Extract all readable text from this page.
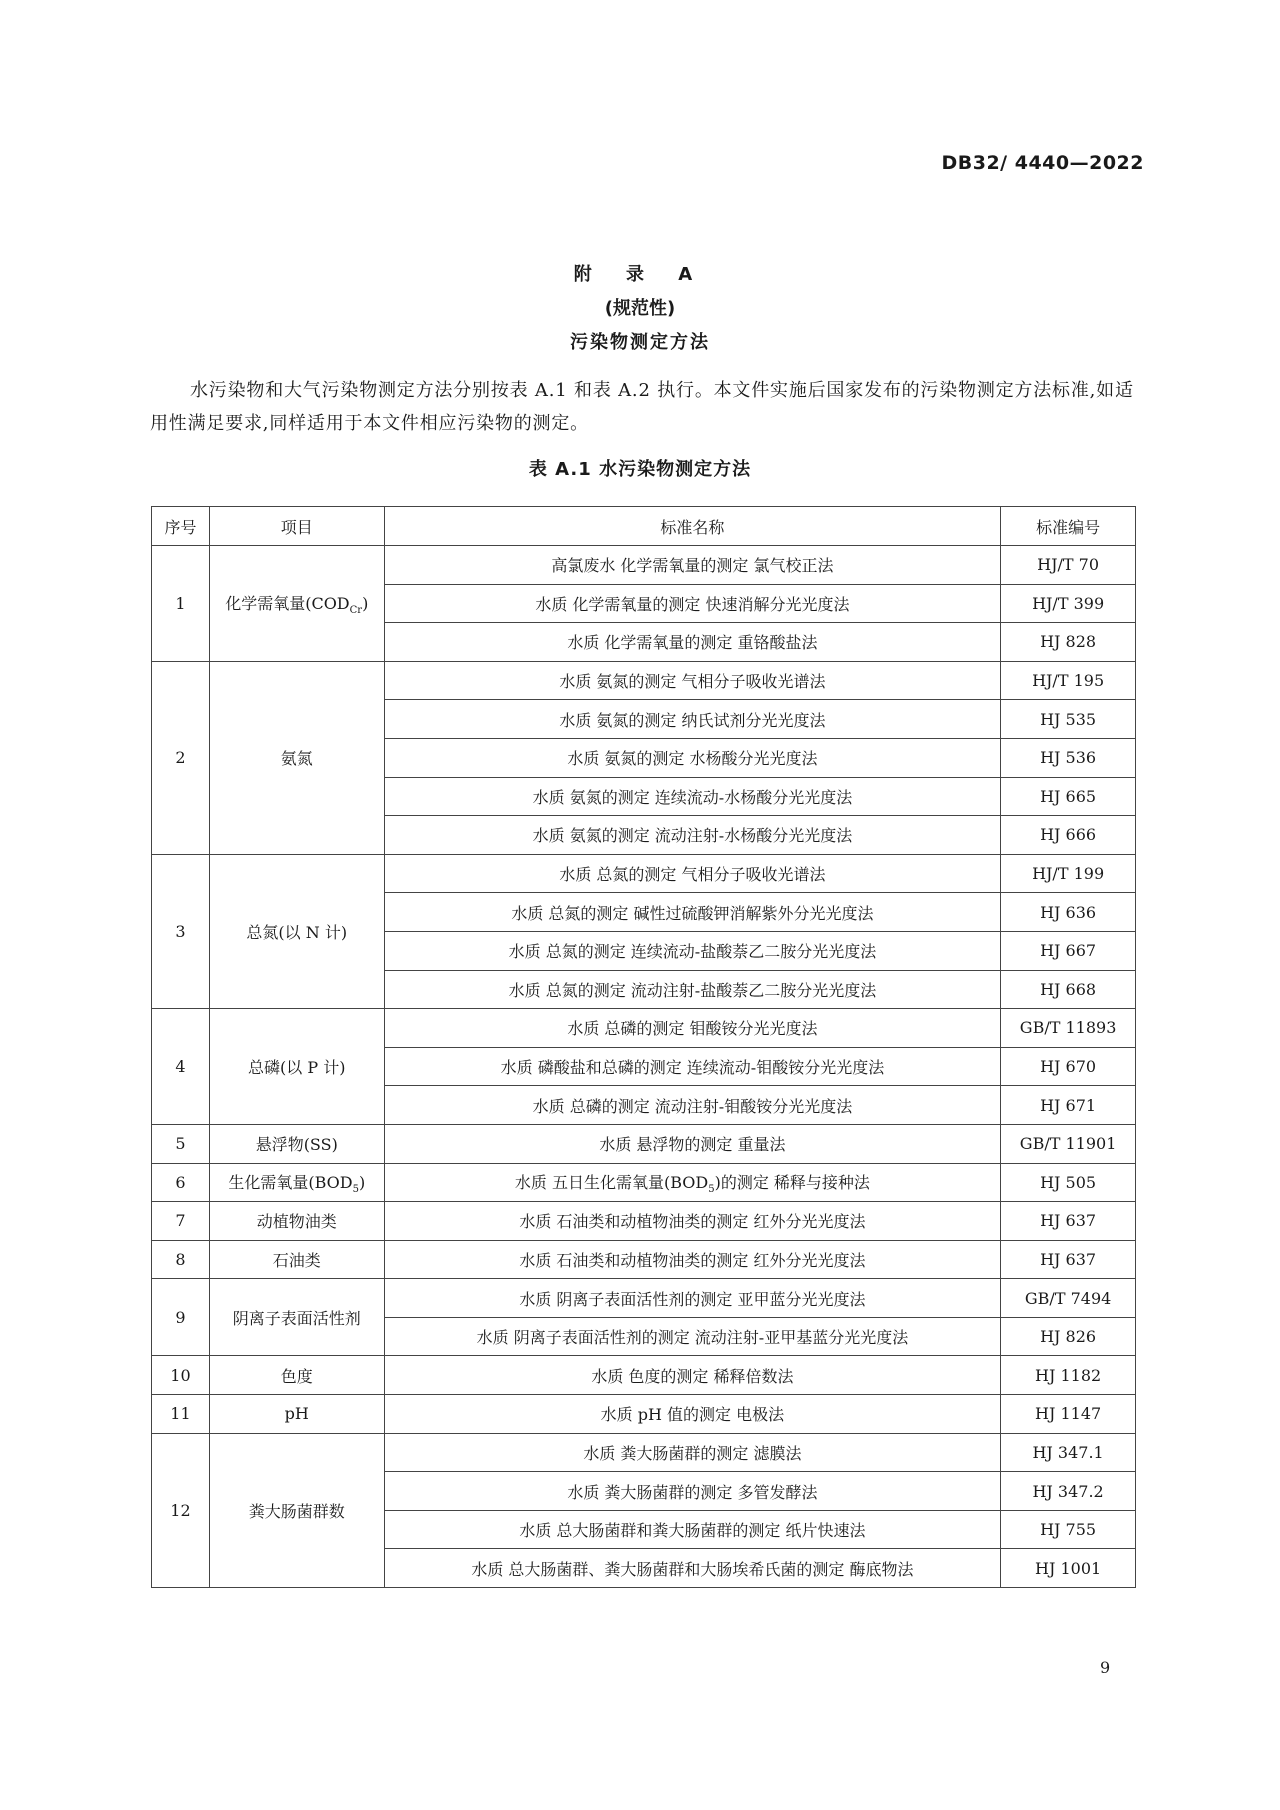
DB32/ 4440—2022
附 录 A
(规范性)
污染物测定方法

水污染物和大气污染物测定方法分别按表 A.1 和表 A.2 执行。本文件实施后国家发布的污染物测定方法标准,如适用性满足要求,同样适用于本文件相应污染物的测定。

表 A.1 水污染物测定方法
序号	项目	标准名称	标准编号
1	化学需氧量$(COD_{Cr})$	高氯废水 化学需氧量的测定 氯气校正法	HJ/T 70
		水质 化学需氧量的测定 快速消解分光光度法	HJ/T 399
		水质 化学需氧量的测定 重铬酸盐法	HJ 828
2	氨氮	水质 氨氮的测定 气相分子吸收光谱法	HJ/T 195
		水质 氨氮的测定 纳氏试剂分光光度法	HJ 535
		水质 氨氮的测定 水杨酸分光光度法	HJ 536
		水质 氨氮的测定 连续流动-水杨酸分光光度法	HJ 665
		水质 氨氮的测定 流动注射-水杨酸分光光度法	HJ 666
3	总氮(以 N 计)	水质 总氮的测定 气相分子吸收光谱法	HJ/T 199
		水质 总氮的测定 碱性过硫酸钾消解紫外分光光度法	HJ 636
		水质 总氮的测定 连续流动-盐酸萘乙二胺分光光度法	HJ 667
		水质 总氮的测定 流动注射-盐酸萘乙二胺分光光度法	HJ 668
4	总磷(以 P 计)	水质 总磷的测定 钼酸铵分光光度法	GB/T 11893
		水质 磷酸盐和总磷的测定 连续流动-钼酸铵分光光度法	HJ 670
		水质 总磷的测定 流动注射-钼酸铵分光光度法	HJ 671
5	悬浮物(SS)	水质 悬浮物的测定 重量法	GB/T 11901
6	生化需氧量$(BOD_5)$	水质 五日生化需氧量$(BOD_5)$的测定 稀释与接种法	HJ 505
7	动植物油类	水质 石油类和动植物油类的测定 红外分光光度法	HJ 637
8	石油类	水质 石油类和动植物油类的测定 红外分光光度法	HJ 637
9	阴离子表面活性剂	水质 阴离子表面活性剂的测定 亚甲蓝分光光度法	GB/T 7494
		水质 阴离子表面活性剂的测定 流动注射-亚甲基蓝分光光度法	HJ 826
10	色度	水质 色度的测定 稀释倍数法	HJ 1182
11	pH	水质 pH 值的测定 电极法	HJ 1147
12	粪大肠菌群数	水质 粪大肠菌群的测定 滤膜法	HJ 347.1
		水质 粪大肠菌群的测定 多管发酵法	HJ 347.2
		水质 总大肠菌群和粪大肠菌群的测定 纸片快速法	HJ 755
		水质 总大肠菌群、粪大肠菌群和大肠埃希氏菌的测定 酶底物法	HJ 1001
9
